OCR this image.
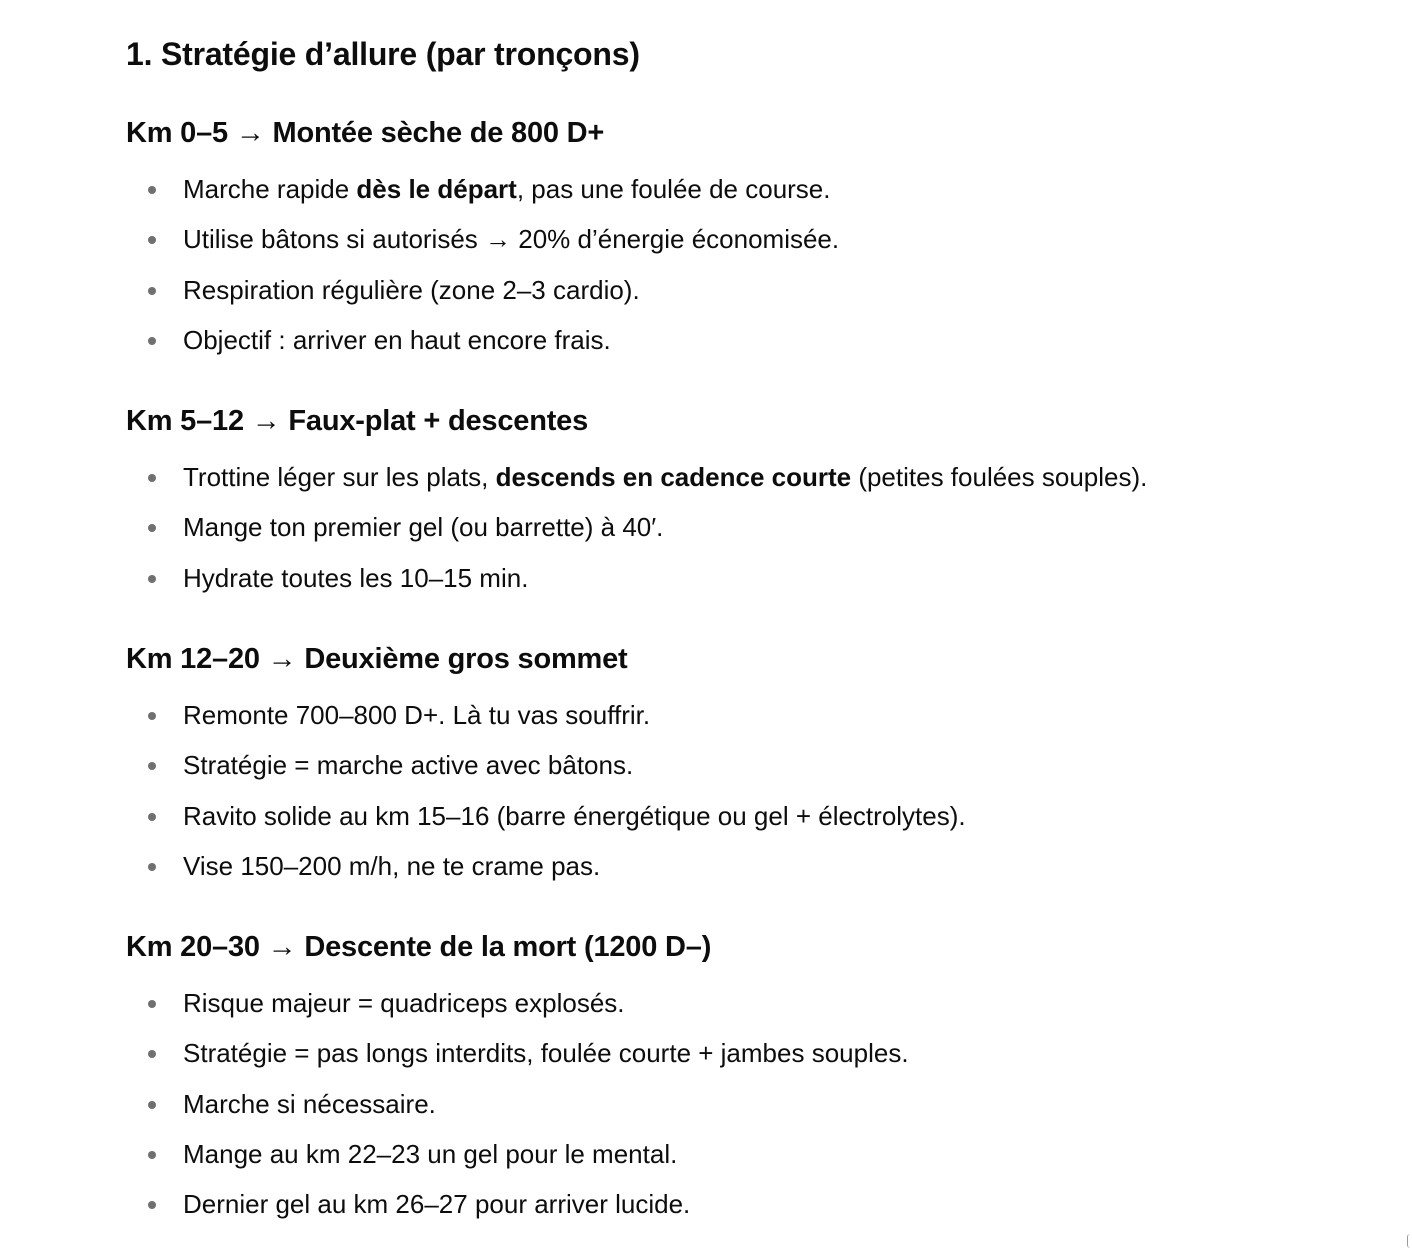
1. Stratégie d’allure (par tronçons)
Km 0–5 → Montée sèche de 800 D+
Marche rapide dès le départ, pas une foulée de course.
Utilise bâtons si autorisés → 20% d’énergie économisée.
Respiration régulière (zone 2–3 cardio).
Objectif : arriver en haut encore frais.
Km 5–12 → Faux-plat + descentes
Trottine léger sur les plats, descends en cadence courte (petites foulées souples).
Mange ton premier gel (ou barrette) à 40′.
Hydrate toutes les 10–15 min.
Km 12–20 → Deuxième gros sommet
Remonte 700–800 D+. Là tu vas souffrir.
Stratégie = marche active avec bâtons.
Ravito solide au km 15–16 (barre énergétique ou gel + électrolytes).
Vise 150–200 m/h, ne te crame pas.
Km 20–30 → Descente de la mort (1200 D–)
Risque majeur = quadriceps explosés.
Stratégie = pas longs interdits, foulée courte + jambes souples.
Marche si nécessaire.
Mange au km 22–23 un gel pour le mental.
Dernier gel au km 26–27 pour arriver lucide.
